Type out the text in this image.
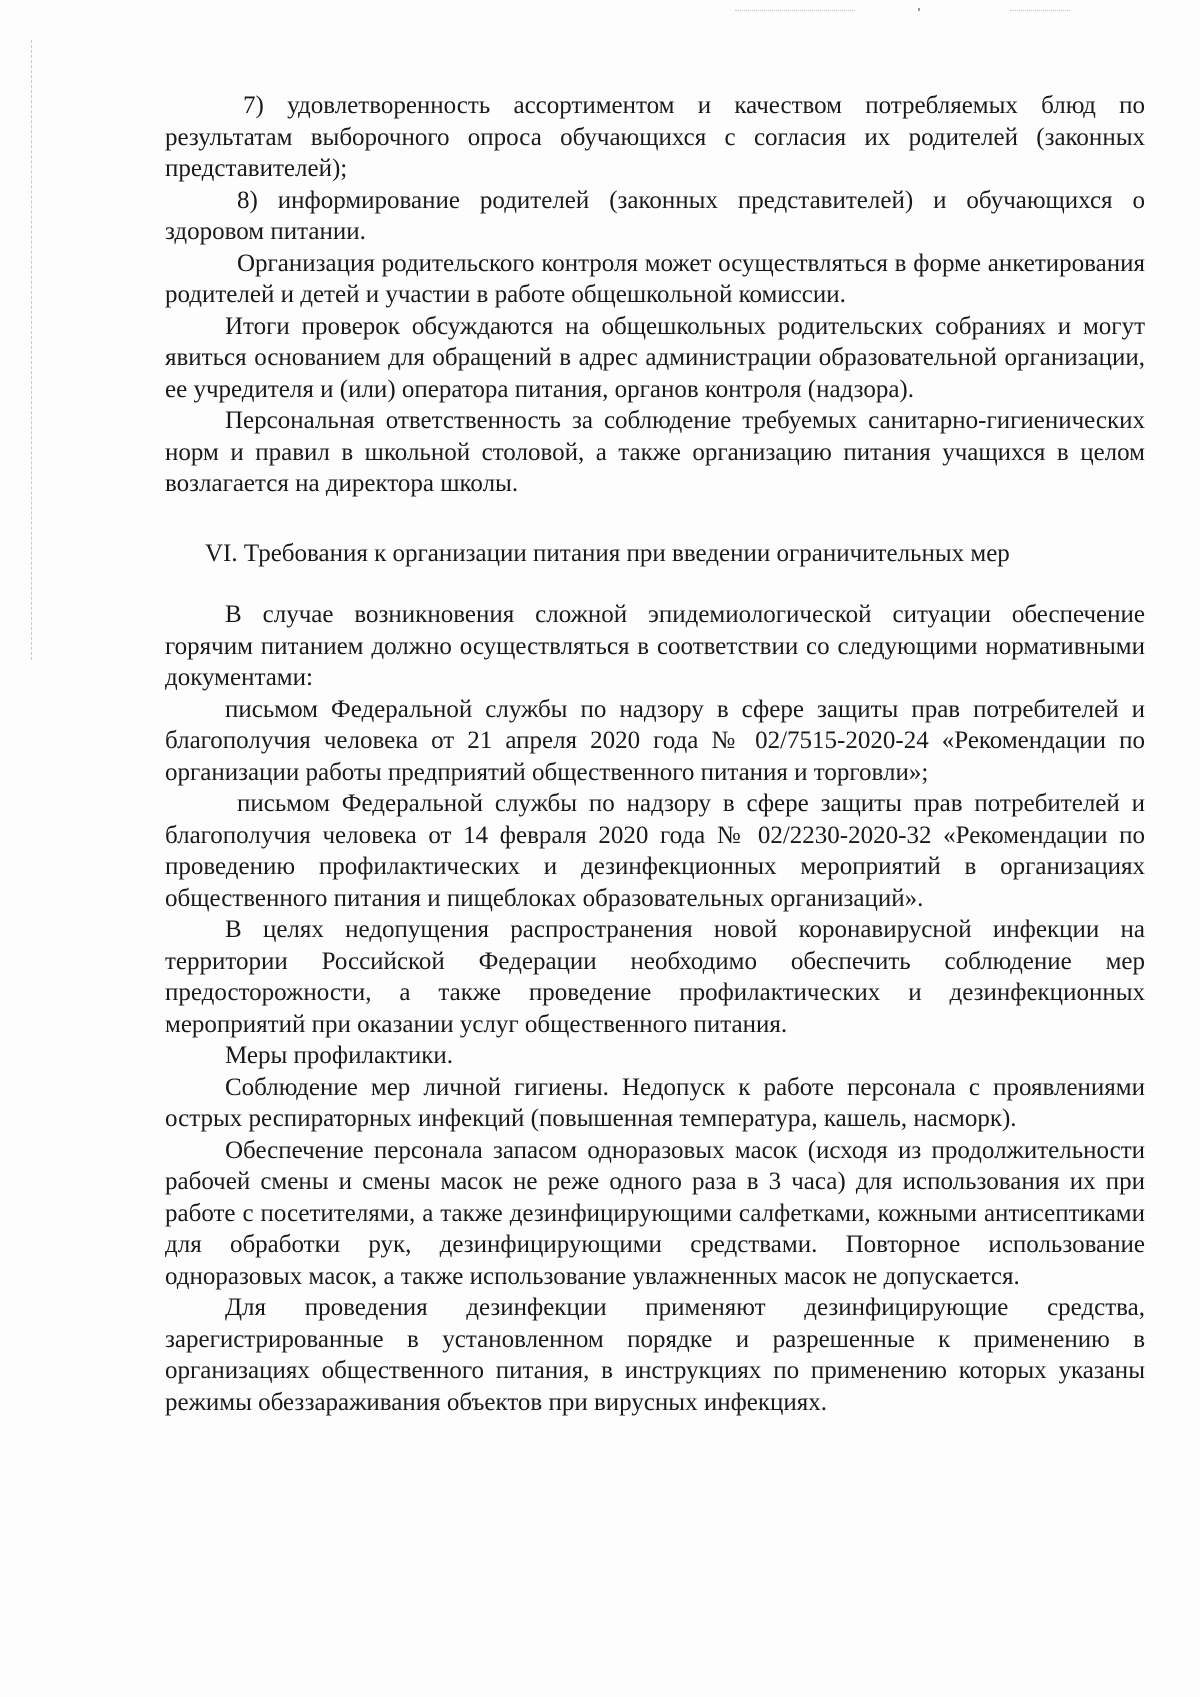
7) удовлетворенность ассортиментом и качеством потребляемых блюд по результатам выборочного опроса обучающихся с согласия их родителей (законных представителей);

8) информирование родителей (законных представителей) и обучающихся о здоровом питании.

Организация родительского контроля может осуществляться в форме анкетирования родителей и детей и участии в работе общешкольной комиссии.

Итоги проверок обсуждаются на общешкольных родительских собраниях и могут явиться основанием для обращений в адрес администрации образовательной организации, ее учредителя и (или) оператора питания, органов контроля (надзора).

Персональная ответственность за соблюдение требуемых санитарно-гигиенических норм и правил в школьной столовой, а также организацию питания учащихся в целом возлагается на директора школы.

VI. Требования к организации питания при введении ограничительных мер

В случае возникновения сложной эпидемиологической ситуации обеспечение горячим питанием должно осуществляться в соответствии со следующими нормативными документами:

письмом Федеральной службы по надзору в сфере защиты прав потребителей и благополучия человека от 21 апреля 2020 года № 02/7515-2020-24 «Рекомендации по организации работы предприятий общественного питания и торговли»;

письмом Федеральной службы по надзору в сфере защиты прав потребителей и благополучия человека от 14 февраля 2020 года № 02/2230-2020-32 «Рекомендации по проведению профилактических и дезинфекционных мероприятий в организациях общественного питания и пищеблоках образовательных организаций».

В целях недопущения распространения новой коронавирусной инфекции на территории Российской Федерации необходимо обеспечить соблюдение мер предосторожности, а также проведение профилактических и дезинфекционных мероприятий при оказании услуг общественного питания.

Меры профилактики.

Соблюдение мер личной гигиены. Недопуск к работе персонала с проявлениями острых респираторных инфекций (повышенная температура, кашель, насморк).

Обеспечение персонала запасом одноразовых масок (исходя из продолжительности рабочей смены и смены масок не реже одного раза в 3 часа) для использования их при работе с посетителями, а также дезинфицирующими салфетками, кожными антисептиками для обработки рук, дезинфицирующими средствами. Повторное использование одноразовых масок, а также использование увлажненных масок не допускается.

Для проведения дезинфекции применяют дезинфицирующие средства, зарегистрированные в установленном порядке и разрешенные к применению в организациях общественного питания, в инструкциях по применению которых указаны режимы обеззараживания объектов при вирусных инфекциях.
